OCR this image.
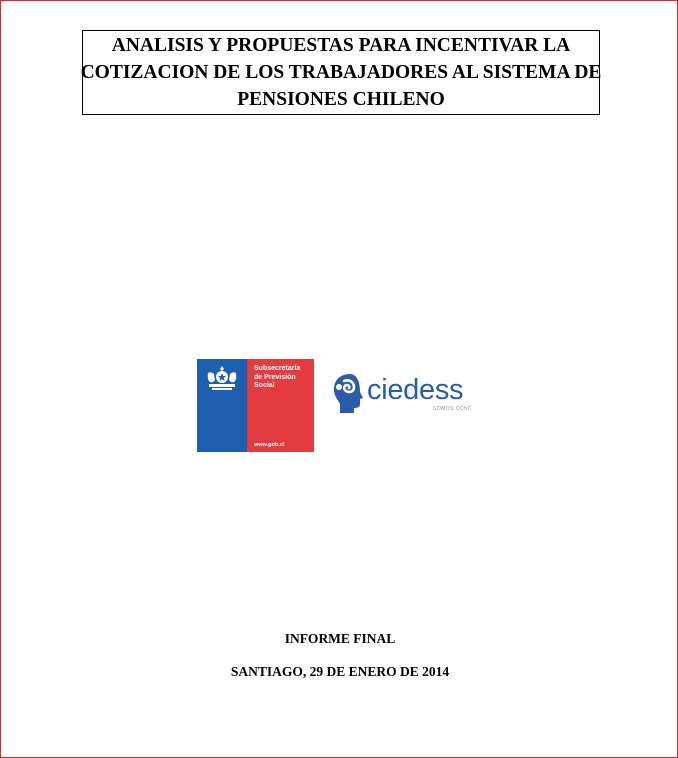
ANALISIS Y PROPUESTAS PARA INCENTIVAR LA
COTIZACION DE LOS TRABAJADORES AL SISTEMA DE
PENSIONES CHILENO
Subsecretaría
de Previsión
Social
www.gob.cl
ciedess
SOMOS CChC
INFORME FINAL
SANTIAGO, 29 DE ENERO DE 2014
